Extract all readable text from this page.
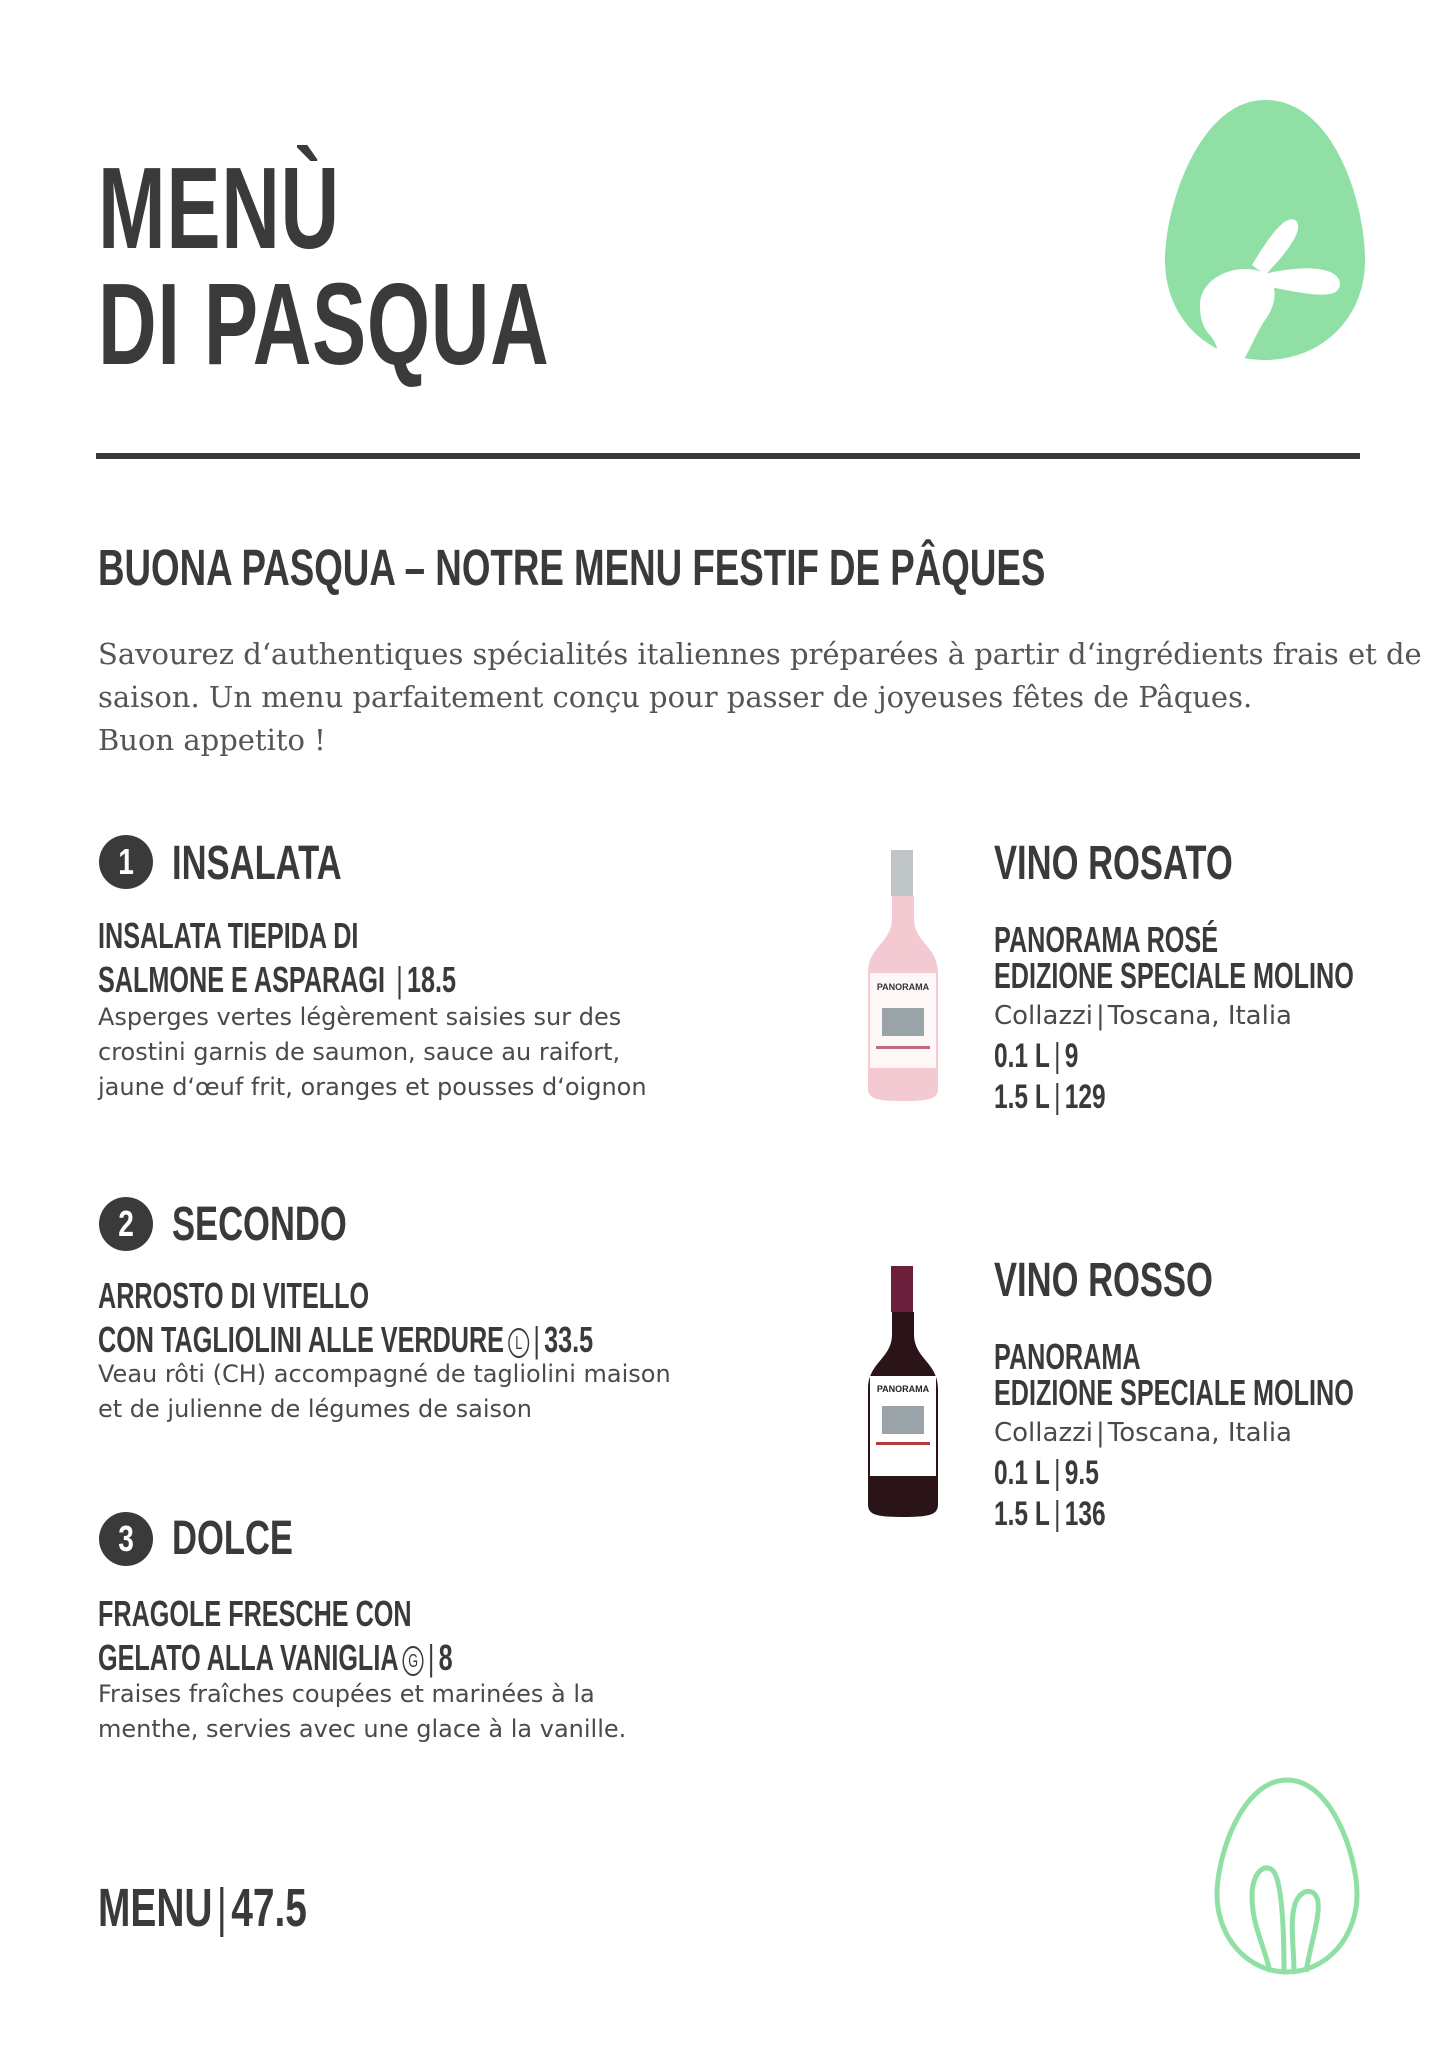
MENÙ
DI PASQUA
BUONA PASQUA – NOTRE MENU FESTIF DE PÂQUES
Savourez d‘authentiques spécialités italiennes préparées à partir d‘ingrédients frais et de
saison. Un menu parfaitement conçu pour passer de joyeuses fêtes de Pâques.
Buon appetito !
1 INSALATA
INSALATA TIEPIDA DI
SALMONE E ASPARAGI | 18.5
Asperges vertes légèrement saisies sur des
crostini garnis de saumon, sauce au raifort,
jaune d‘œuf frit, oranges et pousses d‘oignon
2 SECONDO
ARROSTO DI VITELLO
CON TAGLIOLINI ALLE VERDURE L | 33.5
Veau rôti (CH) accompagné de tagliolini maison
et de julienne de légumes de saison
3 DOLCE
FRAGOLE FRESCHE CON
GELATO ALLA VANIGLIA G | 8
Fraises fraîches coupées et marinées à la
menthe, servies avec une glace à la vanille.
PANORAMA
PANORAMA
VINO ROSATO
PANORAMA ROSÉ
EDIZIONE SPECIALE MOLINO
Collazzi | Toscana, Italia
0.1 L | 9
1.5 L | 129
VINO ROSSO
PANORAMA
EDIZIONE SPECIALE MOLINO
Collazzi | Toscana, Italia
0.1 L | 9.5
1.5 L | 136
MENU|47.5
